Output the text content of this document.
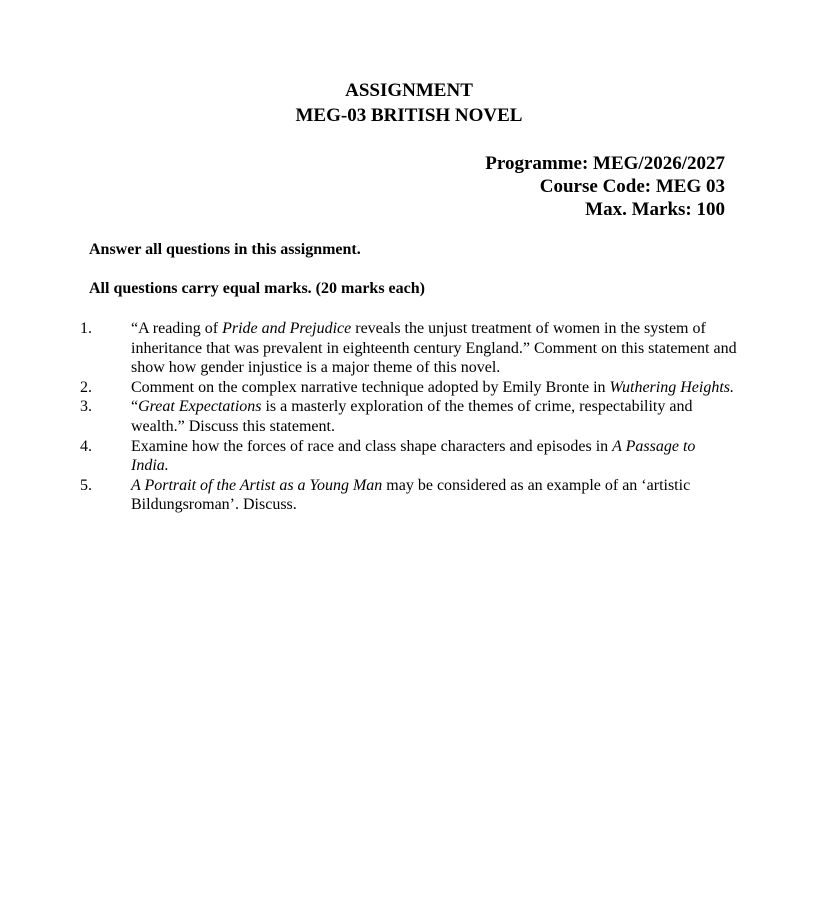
ASSIGNMENT
MEG-03 BRITISH NOVEL
Programme: MEG/2026/2027
Course Code: MEG 03
Max. Marks: 100
Answer all questions in this assignment.
All questions carry equal marks. (20 marks each)
1. “A reading of Pride and Prejudice reveals the unjust treatment of women in the system of inheritance that was prevalent in eighteenth century England.” Comment on this statement and show how gender injustice is a major theme of this novel.
2. Comment on the complex narrative technique adopted by Emily Bronte in Wuthering Heights.
3. “Great Expectations is a masterly exploration of the themes of crime, respectability and wealth.” Discuss this statement.
4. Examine how the forces of race and class shape characters and episodes in A Passage to India.
5. A Portrait of the Artist as a Young Man may be considered as an example of an ‘artistic Bildungsroman’. Discuss.
